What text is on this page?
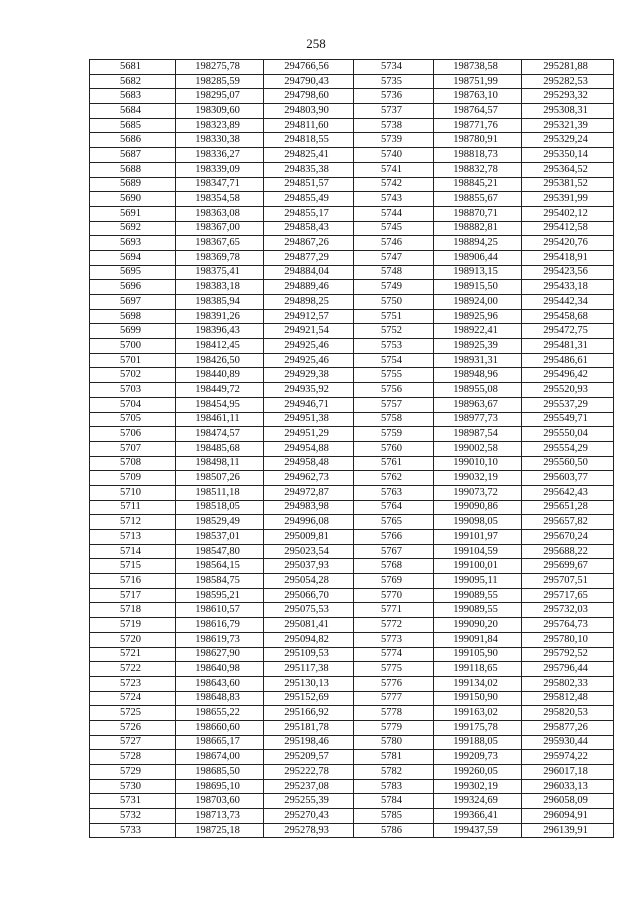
258
5681	198275,78	294766,56	5734	198738,58	295281,88
5682	198285,59	294790,43	5735	198751,99	295282,53
5683	198295,07	294798,60	5736	198763,10	295293,32
5684	198309,60	294803,90	5737	198764,57	295308,31
5685	198323,89	294811,60	5738	198771,76	295321,39
5686	198330,38	294818,55	5739	198780,91	295329,24
5687	198336,27	294825,41	5740	198818,73	295350,14
5688	198339,09	294835,38	5741	198832,78	295364,52
5689	198347,71	294851,57	5742	198845,21	295381,52
5690	198354,58	294855,49	5743	198855,67	295391,99
5691	198363,08	294855,17	5744	198870,71	295402,12
5692	198367,00	294858,43	5745	198882,81	295412,58
5693	198367,65	294867,26	5746	198894,25	295420,76
5694	198369,78	294877,29	5747	198906,44	295418,91
5695	198375,41	294884,04	5748	198913,15	295423,56
5696	198383,18	294889,46	5749	198915,50	295433,18
5697	198385,94	294898,25	5750	198924,00	295442,34
5698	198391,26	294912,57	5751	198925,96	295458,68
5699	198396,43	294921,54	5752	198922,41	295472,75
5700	198412,45	294925,46	5753	198925,39	295481,31
5701	198426,50	294925,46	5754	198931,31	295486,61
5702	198440,89	294929,38	5755	198948,96	295496,42
5703	198449,72	294935,92	5756	198955,08	295520,93
5704	198454,95	294946,71	5757	198963,67	295537,29
5705	198461,11	294951,38	5758	198977,73	295549,71
5706	198474,57	294951,29	5759	198987,54	295550,04
5707	198485,68	294954,88	5760	199002,58	295554,29
5708	198498,11	294958,48	5761	199010,10	295560,50
5709	198507,26	294962,73	5762	199032,19	295603,77
5710	198511,18	294972,87	5763	199073,72	295642,43
5711	198518,05	294983,98	5764	199090,86	295651,28
5712	198529,49	294996,08	5765	199098,05	295657,82
5713	198537,01	295009,81	5766	199101,97	295670,24
5714	198547,80	295023,54	5767	199104,59	295688,22
5715	198564,15	295037,93	5768	199100,01	295699,67
5716	198584,75	295054,28	5769	199095,11	295707,51
5717	198595,21	295066,70	5770	199089,55	295717,65
5718	198610,57	295075,53	5771	199089,55	295732,03
5719	198616,79	295081,41	5772	199090,20	295764,73
5720	198619,73	295094,82	5773	199091,84	295780,10
5721	198627,90	295109,53	5774	199105,90	295792,52
5722	198640,98	295117,38	5775	199118,65	295796,44
5723	198643,60	295130,13	5776	199134,02	295802,33
5724	198648,83	295152,69	5777	199150,90	295812,48
5725	198655,22	295166,92	5778	199163,02	295820,53
5726	198660,60	295181,78	5779	199175,78	295877,26
5727	198665,17	295198,46	5780	199188,05	295930,44
5728	198674,00	295209,57	5781	199209,73	295974,22
5729	198685,50	295222,78	5782	199260,05	296017,18
5730	198695,10	295237,08	5783	199302,19	296033,13
5731	198703,60	295255,39	5784	199324,69	296058,09
5732	198713,73	295270,43	5785	199366,41	296094,91
5733	198725,18	295278,93	5786	199437,59	296139,91
